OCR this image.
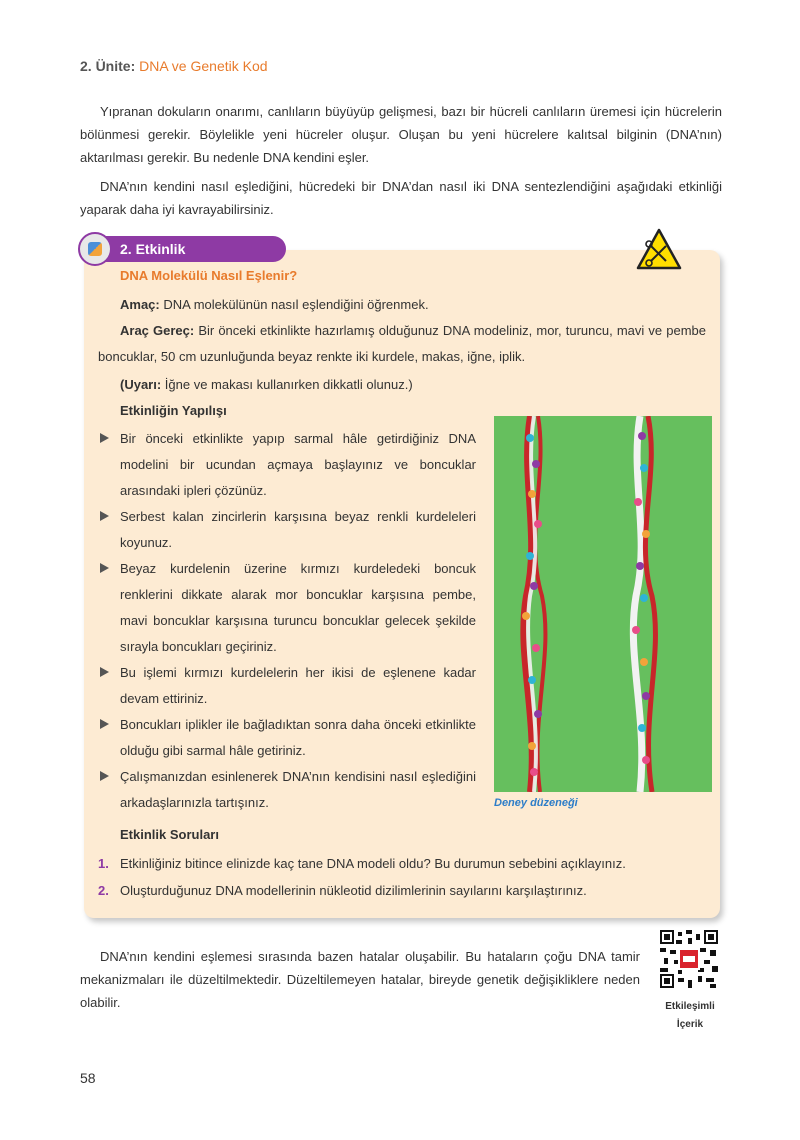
2. Ünite: DNA ve Genetik Kod

Yıpranan dokuların onarımı, canlıların büyüyüp gelişmesi, bazı bir hücreli canlıların üremesi için hücrelerin bölünmesi gerekir. Böylelikle yeni hücreler oluşur. Oluşan bu yeni hücrelere kalıtsal bilginin (DNA’nın) aktarılması gerekir. Bu nedenle DNA kendini eşler.

DNA’nın kendini nasıl eşlediğini, hücredeki bir DNA’dan nasıl iki DNA sentezlendiğini aşağıdaki etkinliği yaparak daha iyi kavrayabilirsiniz.

2. Etkinlik
DNA Molekülü Nasıl Eşlenir?
Amaç: DNA molekülünün nasıl eşlendiğini öğrenmek.
Araç Gereç: Bir önceki etkinlikte hazırlamış olduğunuz DNA modeliniz, mor, turuncu, mavi ve pembe boncuklar, 50 cm uzunluğunda beyaz renkte iki kurdele, makas, iğne, iplik.
(Uyarı: İğne ve makası kullanırken dikkatli olunuz.)
Etkinliğin Yapılışı
Bir önceki etkinlikte yapıp sarmal hâle getirdiğiniz DNA modelini bir ucundan açmaya başlayınız ve boncuklar arasındaki ipleri çözünüz.
Serbest kalan zincirlerin karşısına beyaz renkli kurdeleleri koyunuz.
Beyaz kurdelenin üzerine kırmızı kurdeledeki boncuk renklerini dikkate alarak mor boncuklar karşısına pembe, mavi boncuklar karşısına turuncu boncuklar gelecek şekilde sırayla boncukları geçiriniz.
Bu işlemi kırmızı kurdelelerin her ikisi de eşlenene kadar devam ettiriniz.
Boncukları iplikler ile bağladıktan sonra daha önceki etkinlikte olduğu gibi sarmal hâle getiriniz.
Çalışmanızdan esinlenerek DNA’nın kendisini nasıl eşlediğini arkadaşlarınızla tartışınız.	Deney düzeneği
Etkinlik Soruları
1. Etkinliğiniz bitince elinizde kaç tane DNA modeli oldu? Bu durumun sebebini açıklayınız.
2. Oluşturduğunuz DNA modellerinin nükleotid dizilimlerinin sayılarını karşılaştırınız.

DNA’nın kendini eşlemesi sırasında bazen hatalar oluşabilir. Bu hataların çoğu DNA tamir mekanizmaları ile düzeltilmektedir. Düzeltilemeyen hatalar, bireyde genetik değişikliklere neden olabilir.	Etkileşimli
İçerik
58
